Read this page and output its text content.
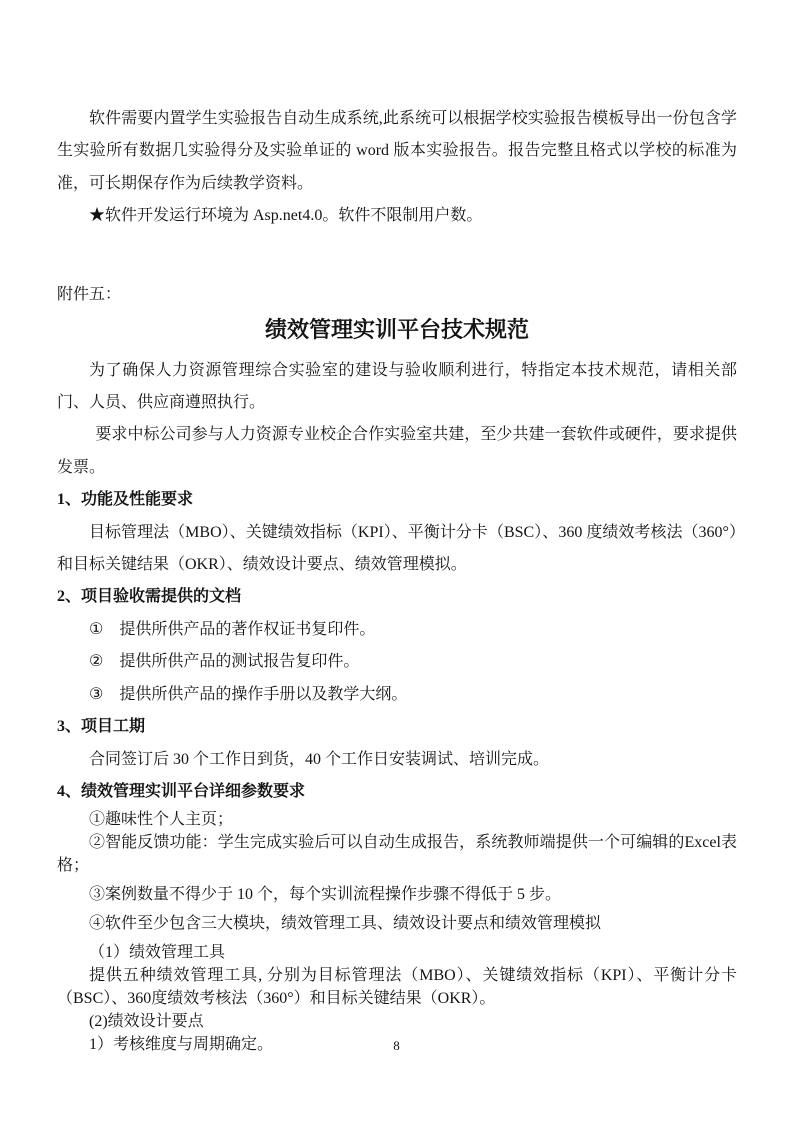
软件需要内置学生实验报告自动生成系统,此系统可以根据学校实验报告模板导出一份包含学生实验所有数据几实验得分及实验单证的 word 版本实验报告。报告完整且格式以学校的标准为准，可长期保存作为后续教学资料。

★软件开发运行环境为 Asp.net4.0。软件不限制用户数。

附件五：

绩效管理实训平台技术规范

为了确保人力资源管理综合实验室的建设与验收顺利进行，特指定本技术规范，请相关部门、人员、供应商遵照执行。

要求中标公司参与人力资源专业校企合作实验室共建，至少共建一套软件或硬件，要求提供发票。

1、功能及性能要求

目标管理法（MBO）、关键绩效指标（KPI）、平衡计分卡（BSC）、360 度绩效考核法（360°）和目标关键结果（OKR）、绩效设计要点、绩效管理模拟。

2、项目验收需提供的文档
① 提供所供产品的著作权证书复印件。
② 提供所供产品的测试报告复印件。
③ 提供所供产品的操作手册以及教学大纲。
3、项目工期

合同签订后 30 个工作日到货，40 个工作日安装调试、培训完成。

4、绩效管理实训平台详细参数要求

①趣味性个人主页；

②智能反馈功能：学生完成实验后可以自动生成报告，系统教师端提供一个可编辑的Excel表格；

③案例数量不得少于 10 个，每个实训流程操作步骤不得低于 5 步。

④软件至少包含三大模块，绩效管理工具、绩效设计要点和绩效管理模拟

（1）绩效管理工具

提供五种绩效管理工具, 分别为目标管理法（MBO）、关键绩效指标（KPI）、平衡计分卡（BSC）、360度绩效考核法（360°）和目标关键结果（OKR）。

(2)绩效设计要点

1）考核维度与周期确定。	8
